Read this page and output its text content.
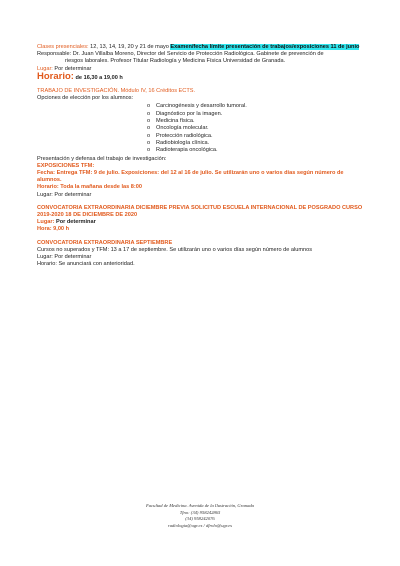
Clases presenciales: 12, 13, 14, 19, 20 y 21 de mayo Examen/fecha límite presentación de trabajos/exposiciones 11 de junio

Responsable: Dr. Juan Villalba Moreno, Director del Servicio de Protección Radiológica. Gabinete de prevención de

riesgos laborales. Profesor Titular Radiología y Medicina Física Universidad de Granada.

Lugar: Por determinar

Horario: de 16,30 a 19,00 h

TRABAJO DE INVESTIGACIÓN. Módulo IV, 16 Créditos ECTS.

Opciones de elección por los alumnos:

o Carcinogénesis y desarrollo tumoral.
o Diagnóstico por la imagen.
o Medicina física.
o Oncología molecular.
o Protección radiológica.
o Radiobiología clínica.
o Radioterapia oncológica.

Presentación y defensa del trabajo de investigación:

EXPOSICIONES TFM:

Fecha: Entrega TFM: 9 de julio. Exposiciones: del 12 al 16 de julio. Se utilizarán uno o varios días según número de

alumnos.

Horario: Toda la mañana desde las 8:00

Lugar: Por determinar

CONVOCATORIA EXTRAORDINARIA DICIEMBRE PREVIA SOLICITUD ESCUELA INTERNACIONAL DE POSGRADO CURSO

2019-2020 18 DE DICIEMBRE DE 2020

Lugar: Por determinar

Hora: 9,00 h

CONVOCATORIA EXTRAORDINARIA SEPTIEMBRE

Cursos no superados y TFM: 13 a 17 de septiembre. Se utilizarán uno o varios días según número de alumnos

Lugar: Por determinar

Horario: Se anunciará con anterioridad.

Facultad de Medicina. Avenida de la Ilustración, Granada
Tfno: (34) 958242865
(34) 958242076
radiologia@ugr.es / dfrolo@ugr.es
